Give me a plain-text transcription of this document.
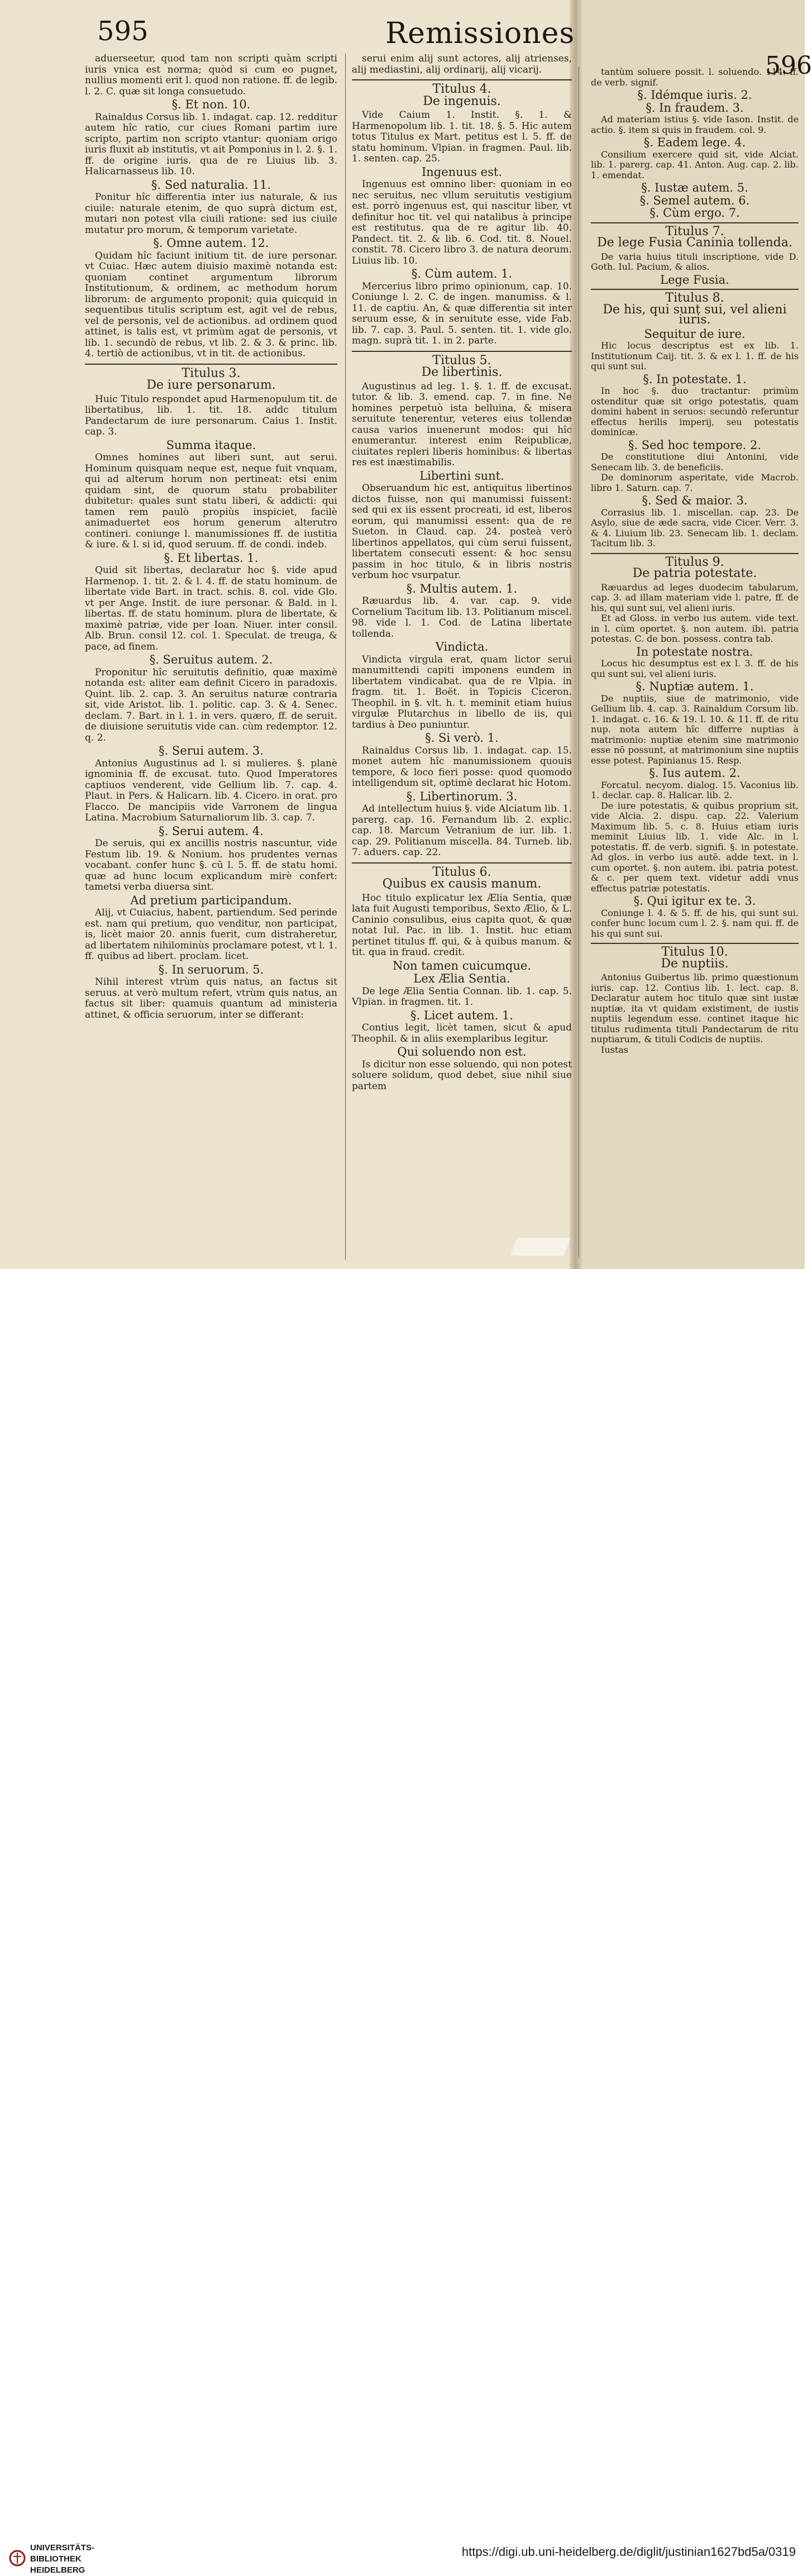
595	Remissiones
596
aduerseetur, quod tam non scripti quàm scripti iuris vnica est norma; quòd si cum eo pugnet, nullius momenti erit l. quod non ratione. ff. de legib. l. 2. C. quæ sit longa consuetudo.
§. Et non. 10.
Rainaldus Corsus lib. 1. indagat. cap. 12. redditur autem hîc ratio, cur ciues Romani partim iure scripto, partim non scripto vtantur: quoniam origo iuris fluxit ab institutis, vt ait Pomponius in l. 2. §. 1. ff. de origine iuris. qua de re Liuius lib. 3. Halicarnasseus lib. 10.
§. Sed naturalia. 11.
Ponitur hîc differentia inter ius naturale, & ius ciuile: naturale etenim, de quo suprà dictum est, mutari non potest vlla ciuili ratione: sed ius ciuile mutatur pro morum, & temporum varietate.
§. Omne autem. 12.
Quidam hîc faciunt initium tit. de iure personar. vt Cuiac. Hæc autem diuisio maximè notanda est: quoniam continet argumentum librorum Institutionum, & ordinem, ac methodum horum librorum: de argumento proponit; quia quicquid in sequentibus titulis scriptum est, agit vel de rebus, vel de personis, vel de actionibus. ad ordinem quod attinet, is talis est, vt primùm agat de personis, vt lib. 1. secundò de rebus, vt lib. 2. & 3. & princ. lib. 4. tertiò de actionibus, vt in tit. de actionibus.
Titulus 3.
De iure personarum.
Huic Titulo respondet apud Harmenopulum tit. de libertatibus, lib. 1. tit. 18. addc titulum Pandectarum de iure personarum. Caius 1. Instit. cap. 3.
Summa itaque.
Omnes homines aut liberi sunt, aut serui. Hominum quisquam neque est, neque fuit vnquam, qui ad alterum horum non pertineat: etsi enim quidam sint, de quorum statu probabiliter dubitetur: quales sunt statu liberi, & addicti: qui tamen rem paulò propiùs inspiciet, facilè animaduertet eos horum generum alterutro contineri. coniunge l. manumissiones ff. de iustitia & iure. & l. si id, quod seruum. ff. de condi. indeb.
§. Et libertas. 1.
Quid sit libertas, declaratur hoc §. vide apud Harmenop. 1. tit. 2. & l. 4. ff. de statu hominum. de libertate vide Bart. in tract. schis. 8. col. vide Glo. vt per Ange. Instit. de iure personar. & Bald. in l. libertas. ff. de statu hominum. plura de libertate, & maximè patriæ, vide per Ioan. Niuer. inter consil. Alb. Brun. consil 12. col. 1. Speculat. de treuga, & pace, ad finem.
§. Seruitus autem. 2.
Proponitur hîc seruitutis definitio, quæ maximè notanda est: aliter eam definit Cicero in paradoxis. Quint. lib. 2. cap. 3. An seruitus naturæ contraria sit, vide Aristot. lib. 1. politic. cap. 3. & 4. Senec. declam. 7. Bart. in l. 1. in vers. quæro, ff. de seruit. de diuisione seruitutis vide can. cùm redemptor. 12. q. 2.
§. Serui autem. 3.
Antonius Augustinus ad l. si mulieres. §. planè ignominia ff. de excusat. tuto. Quod Imperatores captiuos venderent, vide Gellium lib. 7. cap. 4. Plaut. in Pers. & Halicarn. lib. 4. Cicero. in orat. pro Flacco. De mancipiis vide Varronem de lingua Latina. Macrobium Saturnaliorum lib. 3. cap. 7.
§. Serui autem. 4.
De seruis, qui ex ancillis nostris nascuntur, vide Festum lib. 19. & Nonium. hos prudentes vernas vocabant. confer hunc §. cū l. 5. ff. de statu homi. quæ ad hunc locum explicandum mirè confert: tametsi verba diuersa sint.
Ad pretium participandum.
Alij, vt Cuiacius, habent, partiendum. Sed perinde est. nam qui pretium, quo venditur, non participat, is, licèt maior 20. annis fuerit, cum distraheretur, ad libertatem nihilominùs proclamare potest, vt l. 1. ff. quibus ad libert. proclam. licet.
§. In seruorum. 5.
Nihil interest vtrùm quis natus, an factus sit seruus. at verò multum refert, vtrùm quis natus, an factus sit liber: quamuis quantum ad ministeria attinet, & officia seruorum, inter se differant:
serui enim alij sunt actores, alij atrienses, alij mediastini, alij ordinarij, alij vicarij.
Titulus 4.
De ingenuis.
Vide Caium 1. Instit. §. 1. & Harmenopolum lib. 1. tit. 18. §. 5. Hic autem totus Titulus ex Mart. petitus est l. 5. ff. de statu hominum. Vlpian. in fragmen. Paul. lib. 1. senten. cap. 25.
Ingenuus est.
Ingenuus est omnino liber: quoniam in eo nec seruitus, nec vllum seruitutis vestigium est. porrò ingenuus est, qui nascitur liber, vt definitur hoc tit. vel qui natalibus à principe est restitutus. qua de re agitur lib. 40. Pandect. tit. 2. & lib. 6. Cod. tit. 8. Nouel. constit. 78. Cicero libro 3. de natura deorum. Liuius lib. 10.
§. Cùm autem. 1.
Mercerius libro primo opinionum, cap. 10. Coniunge l. 2. C. de ingen. manumiss. & l. 11. de captiu. An, & quæ differentia sit inter seruum esse, & in seruitute esse, vide Fab. lib. 7. cap. 3. Paul. 5. senten. tit. 1. vide glo. magn. suprà tit. 1. in 2. parte.
Titulus 5.
De libertinis.
Augustinus ad leg. 1. §. 1. ff. de excusat. tutor. & lib. 3. emend. cap. 7. in fine. Ne homines perpetuò ista belluina, & misera seruitute tenerentur, veteres eius tollendæ causa varios inuenerunt modos: qui hîc enumerantur. interest enim Reipublicæ, ciuitates repleri liberis hominibus: & libertas res est inæstimabilis.
Libertini sunt.
Obseruandum hic est, antiquitus libertinos dictos fuisse, non qui manumissi fuissent: sed qui ex iis essent procreati, id est, liberos eorum, qui manumissi essent: qua de re Sueton. in Claud. cap. 24. posteà verò libertinos appellatos, qui cùm serui fuissent, libertatem consecuti essent: & hoc sensu passim in hoc titulo, & in libris nostris verbum hoc vsurpatur.
§. Multis autem. 1.
Ræuardus lib. 4. var. cap. 9. vide Cornelium Tacitum lib. 13. Politianum miscel. 98. vide l. 1. Cod. de Latina libertate tollenda.
Vindicta.
Vindicta virgula erat, quam lictor serui manumittendi capiti imponens eundem in libertatem vindicabat. qua de re Vlpia. in fragm. tit. 1. Boët. in Topicis Ciceron. Theophil. in §. vlt. h. t. meminit etiam huius virgulæ Plutarchus in libello de iis, qui tardius à Deo puniuntur.
§. Si verò. 1.
Rainaldus Corsus lib. 1. indagat. cap. 15. monet autem hîc manumissionem quouis tempore, & loco fieri posse: quod quomodo intelligendum sit, optimè declarat hic Hotom.
§. Libertinorum. 3.
Ad intellectum huius §. vide Alciatum lib. 1. parerg. cap. 16. Fernandum lib. 2. explic. cap. 18. Marcum Vetranium de iur. lib. 1. cap. 29. Politianum miscella. 84. Turneb. lib. 7. aduers. cap. 22.
Titulus 6.
Quibus ex causis manum.
Hoc titulo explicatur lex Ælia Sentia, quæ lata fuit Augusti temporibus, Sexto Ælio, & L. Caninio consulibus, eius capita quot, & quæ notat Iul. Pac. in lib. 1. Instit. huc etiam pertinet titulus ff. qui, & à quibus manum. & tit. qua in fraud. credit.
Non tamen cuicumque.
Lex Ælia Sentia.
De lege Ælia Sentia Connan. lib. 1. cap. 5. Vlpian. in fragmen. tit. 1.
§. Licet autem. 1.
Contius legit, licèt tamen, sicut & apud Theophil. & in aliis exemplaribus legitur.
Qui soluendo non est.
Is dicitur non esse soluendo, qui non potest soluere solidum, quod debet, siue nihil siue partem
tantùm soluere possit. l. soluendo. 114. ff. de verb. signif.
§. Idémque iuris. 2.
§. In fraudem. 3.
Ad materiam istius §. vide Iason. Instit. de actio. §. item si quis in fraudem. col. 9.
§. Eadem lege. 4.
Consilium exercere quid sit, vide Alciat. lib. 1. parerg. cap. 41. Anton. Aug. cap. 2. lib. 1. emendat.
§. Iustæ autem. 5.
§. Semel autem. 6.
§. Cùm ergo. 7.
Titulus 7.
De lege Fusia Caninia tollenda.
De varia huius tituli inscriptione, vide D. Goth. Iul. Pacium, & alios.
Lege Fusia.
Titulus 8.
De his, qui sunt sui, vel alieni iuris.
Sequitur de iure.
Hic locus descriptus est ex lib. 1. Institutionum Caij. tit. 3. & ex l. 1. ff. de his qui sunt sui.
§. In potestate. 1.
In hoc §. duo tractantur: primùm ostenditur quæ sit origo potestatis, quam domini habent in seruos: secundò referuntur effectus herilis imperij, seu potestatis dominicæ.
§. Sed hoc tempore. 2.
De constitutione diui Antonini, vide Senecam lib. 3. de beneficiis.
De dominorum asperitate, vide Macrob. libro 1. Saturn. cap. 7.
§. Sed & maior. 3.
Corrasius lib. 1. miscellan. cap. 23. De Asylo, siue de æde sacra, vide Cicer. Verr. 3. & 4. Liuium lib. 23. Senecam lib. 1. declam. Tacitum lib. 3.
Titulus 9.
De patria potestate.
Ræuardus ad leges duodecim tabularum, cap. 3. ad illam materiam vide l. patre, ff. de his, qui sunt sui, vel alieni iuris.
Et ad Gloss. in verbo ius autem. vide text. in l. cùm oportet. §. non autem. ibi. patria potestas. C. de bon. possess. contra tab.
In potestate nostra.
Locus hic desumptus est ex l. 3. ff. de his qui sunt sui, vel alieni iuris.
§. Nuptiæ autem. 1.
De nuptiis, siue de matrimonio, vide Gellium lib. 4. cap. 3. Rainaldum Corsum lib. 1. indagat. c. 16. & 19. l. 10. & 11. ff. de ritu nup. nota autem hîc differre nuptias à matrimonio: nuptiæ etenim sine matrimonio esse nō possunt, at matrimonium sine nuptiis esse potest. Papinianus 15. Resp.
§. Ius autem. 2.
Forcatul. necyom. dialog. 15. Vaconius lib. 1. declar. cap. 8. Halicar. lib. 2.
De iure potestatis, & quibus proprium sit, vide Alcia. 2. dispu. cap. 22. Valerium Maximum lib. 5. c. 8. Huius etiam iuris meminit Liuius lib. 1. vide Alc. in l. potestatis. ff. de verb. signifi. §. in potestate. Ad glos. in verbo ius autē. adde text. in l. cum oportet. §. non autem. ibi. patria potest. & c. per quem text. videtur addi vnus effectus patriæ potestatis.
§. Qui igitur ex te. 3.
Coniunge l. 4. & 5. ff. de his, qui sunt sui. confer hunc locum cum l. 2. §. nam qui. ff. de his qui sunt sui.
Titulus 10.
De nuptiis.
Antonius Guibertus lib. primo quæstionum iuris. cap. 12. Contius lib. 1. lect. cap. 8. Declaratur autem hoc titulo quæ sint iustæ nuptiæ, ita vt quidam existiment, de iustis nuptiis legendum esse. continet itaque hic titulus rudimenta tituli Pandectarum de ritu nuptiarum, & tituli Codicis de nuptiis.
Iustas
UNIVERSITÄTS-
BIBLIOTHEK
HEIDELBERG
https://digi.ub.uni-heidelberg.de/diglit/justinian1627bd5a/0319
